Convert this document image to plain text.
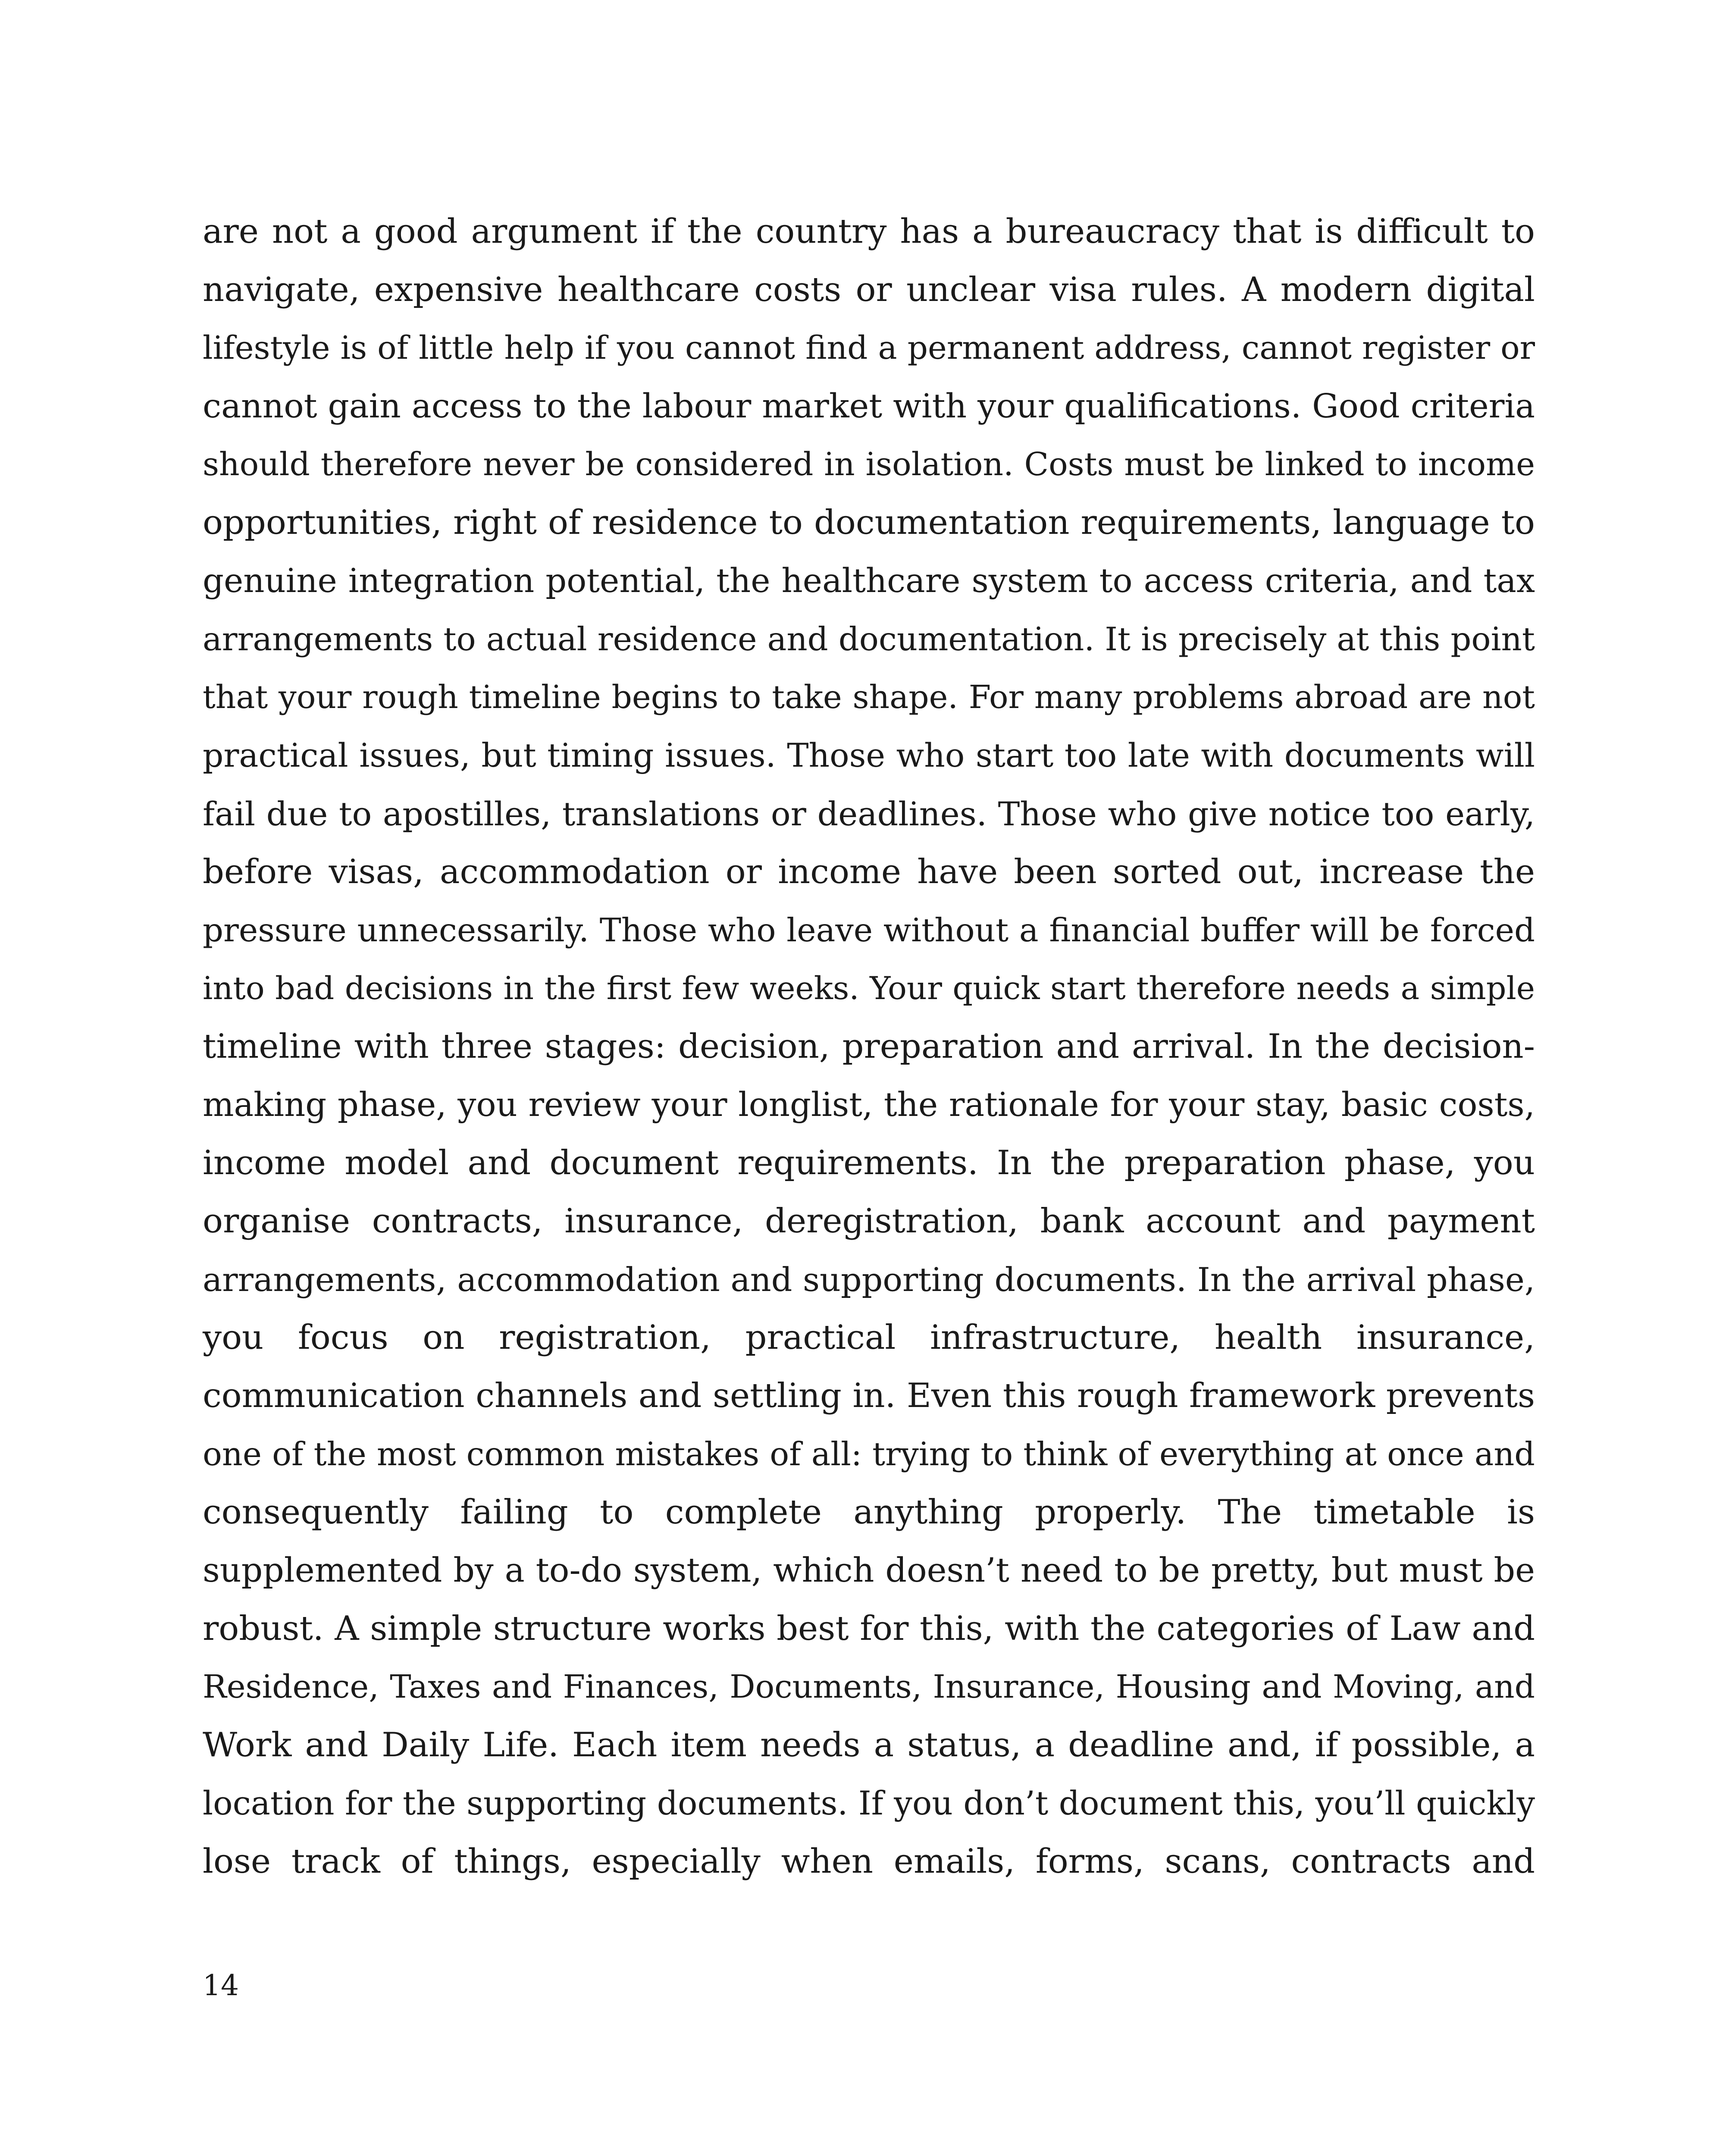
are not a good argument if the country has a bureaucracy that is difficult to
navigate, expensive healthcare costs or unclear visa rules. A modern digital
lifestyle is of little help if you cannot find a permanent address, cannot register or
cannot gain access to the labour market with your qualifications. Good criteria
should therefore never be considered in isolation. Costs must be linked to income
opportunities, right of residence to documentation requirements, language to
genuine integration potential, the healthcare system to access criteria, and tax
arrangements to actual residence and documentation. It is precisely at this point
that your rough timeline begins to take shape. For many problems abroad are not
practical issues, but timing issues. Those who start too late with documents will
fail due to apostilles, translations or deadlines. Those who give notice too early,
before visas, accommodation or income have been sorted out, increase the
pressure unnecessarily. Those who leave without a financial buffer will be forced
into bad decisions in the first few weeks. Your quick start therefore needs a simple
timeline with three stages: decision, preparation and arrival. In the decision-
making phase, you review your longlist, the rationale for your stay, basic costs,
income model and document requirements. In the preparation phase, you
organise contracts, insurance, deregistration, bank account and payment
arrangements, accommodation and supporting documents. In the arrival phase,
you focus on registration, practical infrastructure, health insurance,
communication channels and settling in. Even this rough framework prevents
one of the most common mistakes of all: trying to think of everything at once and
consequently failing to complete anything properly. The timetable is
supplemented by a to-do system, which doesn’t need to be pretty, but must be
robust. A simple structure works best for this, with the categories of Law and
Residence, Taxes and Finances, Documents, Insurance, Housing and Moving, and
Work and Daily Life. Each item needs a status, a deadline and, if possible, a
location for the supporting documents. If you don’t document this, you’ll quickly
lose track of things, especially when emails, forms, scans, contracts and
14
